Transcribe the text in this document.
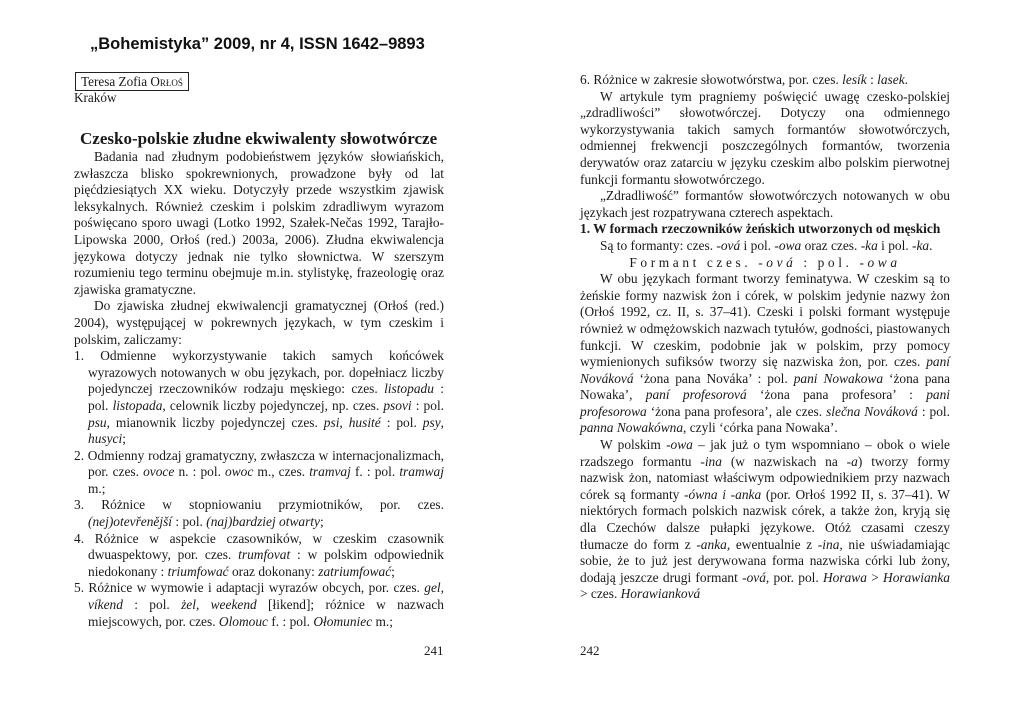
„Bohemistyka” 2009, nr 4, ISSN 1642–9893
Teresa Zofia Orłoś
Kraków
Czesko-polskie złudne ekwiwalenty słowotwórcze

Badania nad złudnym podobieństwem języków słowiańskich, zwłaszcza blisko spokrewnionych, prowadzone były od lat pięćdziesiątych XX wieku. Dotyczyły przede wszystkim zjawisk leksykalnych. Również czeskim i polskim zdradliwym wyrazom poświęcano sporo uwagi (Lotko 1992, Szałek-Nečas 1992, Tarajło-Lipowska 2000, Orłoś (red.) 2003a, 2006). Złudna ekwiwalencja językowa dotyczy jednak nie tylko słownictwa. W szerszym rozumieniu tego terminu obejmuje m.in. stylistykę, frazeologię oraz zjawiska gramatyczne.

Do zjawiska złudnej ekwiwalencji gramatycznej (Orłoś (red.) 2004), występującej w pokrewnych językach, w tym czeskim i polskim, zaliczamy:

1. Odmienne wykorzystywanie takich samych końcówek wyrazowych notowanych w obu językach, por. dopełniacz liczby pojedynczej rzeczowników rodzaju męskiego: czes. listopadu : pol. listopada, celownik liczby pojedynczej, np. czes. psovi : pol. psu, mianownik liczby pojedynczej czes. psi, husité : pol. psy, husyci;

2. Odmienny rodzaj gramatyczny, zwłaszcza w internacjonalizmach, por. czes. ovoce n. : pol. owoc m., czes. tramvaj f. : pol. tramwaj m.;

3. Różnice w stopniowaniu przymiotników, por. czes. (nej)otevřenější : pol. (naj)bardziej otwarty;

4. Różnice w aspekcie czasowników, w czeskim czasownik dwuaspektowy, por. czes. trumfovat : w polskim odpowiednik niedokonany : triumfować oraz dokonany: zatriumfować;

5. Różnice w wymowie i adaptacji wyrazów obcych, por. czes. gel, víkend : pol. żel, weekend [łikend]; różnice w nazwach miejscowych, por. czes. Olomouc f. : pol. Ołomuniec m.;

241

6. Różnice w zakresie słowotwórstwa, por. czes. lesík : lasek.

W artykule tym pragniemy poświęcić uwagę czesko-polskiej „zdradliwości” słowotwórczej. Dotyczy ona odmiennego wykorzystywania takich samych formantów słowotwórczych, odmiennej frekwencji poszczególnych formantów, tworzenia derywatów oraz zatarciu w języku czeskim albo polskim pierwotnej funkcji formantu słowotwórczego.

„Zdradliwość” formantów słowotwórczych notowanych w obu językach jest rozpatrywana czterech aspektach.

1. W formach rzeczowników żeńskich utworzonych od męskich

Są to formanty: czes. -ová i pol. -owa oraz czes. -ka i pol. -ka.

Formant czes. -ová : pol. -owa

W obu językach formant tworzy feminatywa. W czeskim są to żeńskie formy nazwisk żon i córek, w polskim jedynie nazwy żon (Orłoś 1992, cz. II, s. 37–41). Czeski i polski formant występuje również w odmężowskich nazwach tytułów, godności, piastowanych funkcji. W czeskim, podobnie jak w polskim, przy pomocy wymienionych sufiksów tworzy się nazwiska żon, por. czes. paní Nováková ‘żona pana Nováka’ : pol. pani Nowakowa ‘żona pana Nowaka’, paní profesorová ‘żona pana profesora’ : pani profesorowa ‘żona pana profesora’, ale czes. slečna Nováková : pol. panna Nowakówna, czyli ‘córka pana Nowaka’.

W polskim -owa – jak już o tym wspomniano – obok o wiele rzadszego formantu -ina (w nazwiskach na -a) tworzy formy nazwisk żon, natomiast właściwym odpowiednikiem przy nazwach córek są formanty -ówna i -anka (por. Orłoś 1992 II, s. 37–41). W niektórych formach polskich nazwisk córek, a także żon, kryją się dla Czechów dalsze pułapki językowe. Otóż czasami czeszy tłumacze do form z -anka, ewentualnie z -ina, nie uświadamiając sobie, że to już jest derywowana forma nazwiska córki lub żony, dodają jeszcze drugi formant -ová, por. pol. Horawa > Horawianka > czes. Horawianková

242
